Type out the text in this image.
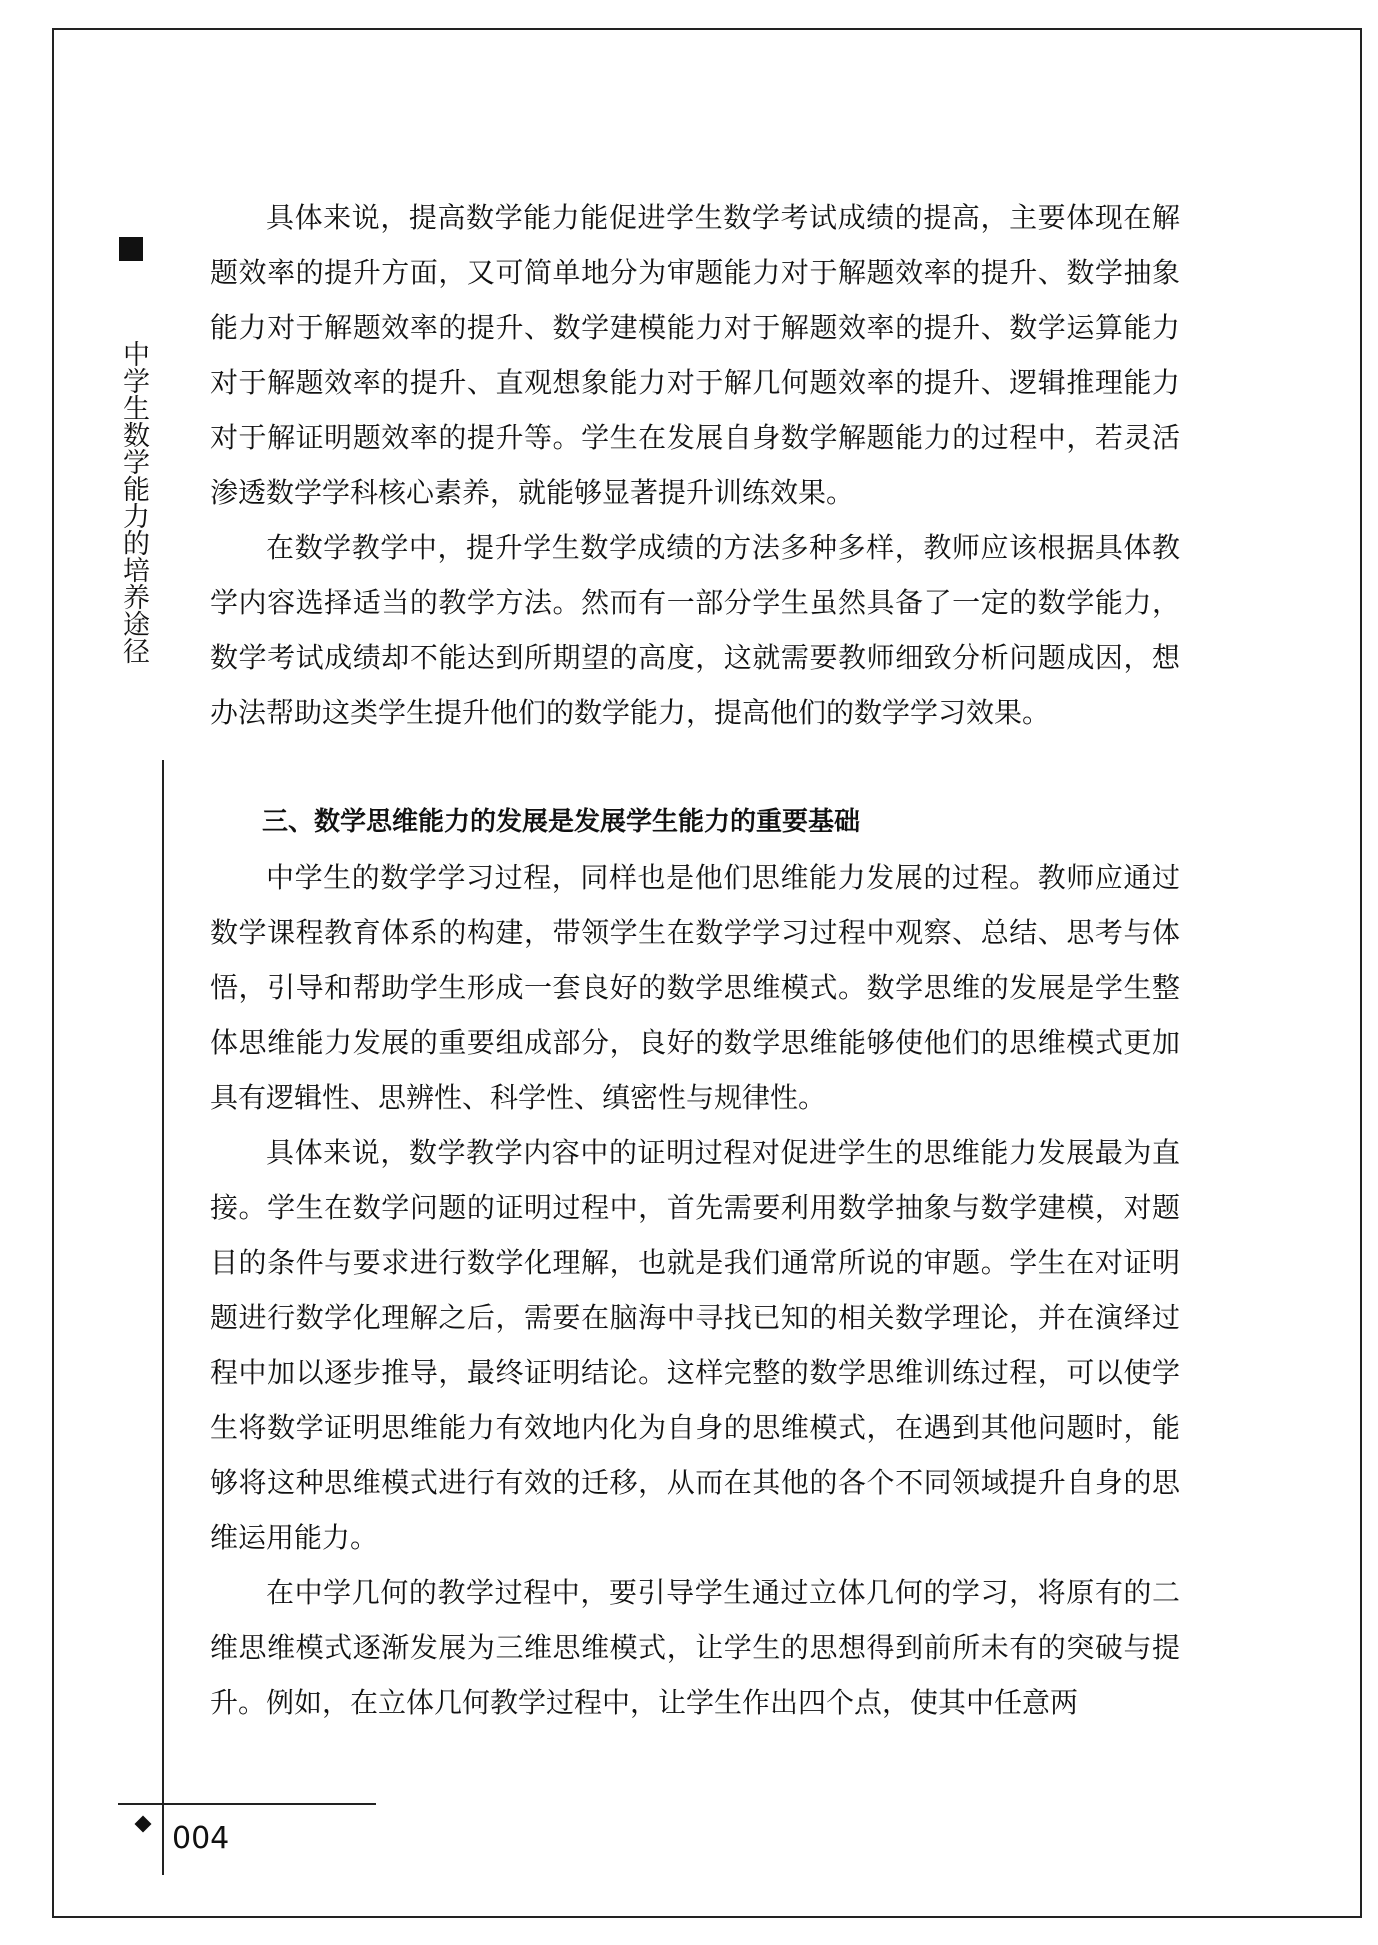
中学生数学能力的培养途径

具体来说，提高数学能力能促进学生数学考试成绩的提高，主要体现在解题效率的提升方面，又可简单地分为审题能力对于解题效率的提升、数学抽象能力对于解题效率的提升、数学建模能力对于解题效率的提升、数学运算能力对于解题效率的提升、直观想象能力对于解几何题效率的提升、逻辑推理能力对于解证明题效率的提升等。学生在发展自身数学解题能力的过程中，若灵活渗透数学学科核心素养，就能够显著提升训练效果。

在数学教学中，提升学生数学成绩的方法多种多样，教师应该根据具体教学内容选择适当的教学方法。然而有一部分学生虽然具备了一定的数学能力，数学考试成绩却不能达到所期望的高度，这就需要教师细致分析问题成因，想办法帮助这类学生提升他们的数学能力，提高他们的数学学习效果。

三、数学思维能力的发展是发展学生能力的重要基础

中学生的数学学习过程，同样也是他们思维能力发展的过程。教师应通过数学课程教育体系的构建，带领学生在数学学习过程中观察、总结、思考与体悟，引导和帮助学生形成一套良好的数学思维模式。数学思维的发展是学生整体思维能力发展的重要组成部分，良好的数学思维能够使他们的思维模式更加具有逻辑性、思辨性、科学性、缜密性与规律性。

具体来说，数学教学内容中的证明过程对促进学生的思维能力发展最为直接。学生在数学问题的证明过程中，首先需要利用数学抽象与数学建模，对题目的条件与要求进行数学化理解，也就是我们通常所说的审题。学生在对证明题进行数学化理解之后，需要在脑海中寻找已知的相关数学理论，并在演绎过程中加以逐步推导，最终证明结论。这样完整的数学思维训练过程，可以使学生将数学证明思维能力有效地内化为自身的思维模式，在遇到其他问题时，能够将这种思维模式进行有效的迁移，从而在其他的各个不同领域提升自身的思维运用能力。

在中学几何的教学过程中，要引导学生通过立体几何的学习，将原有的二维思维模式逐渐发展为三维思维模式，让学生的思想得到前所未有的突破与提升。例如，在立体几何教学过程中，让学生作出四个点，使其中任意两

004
